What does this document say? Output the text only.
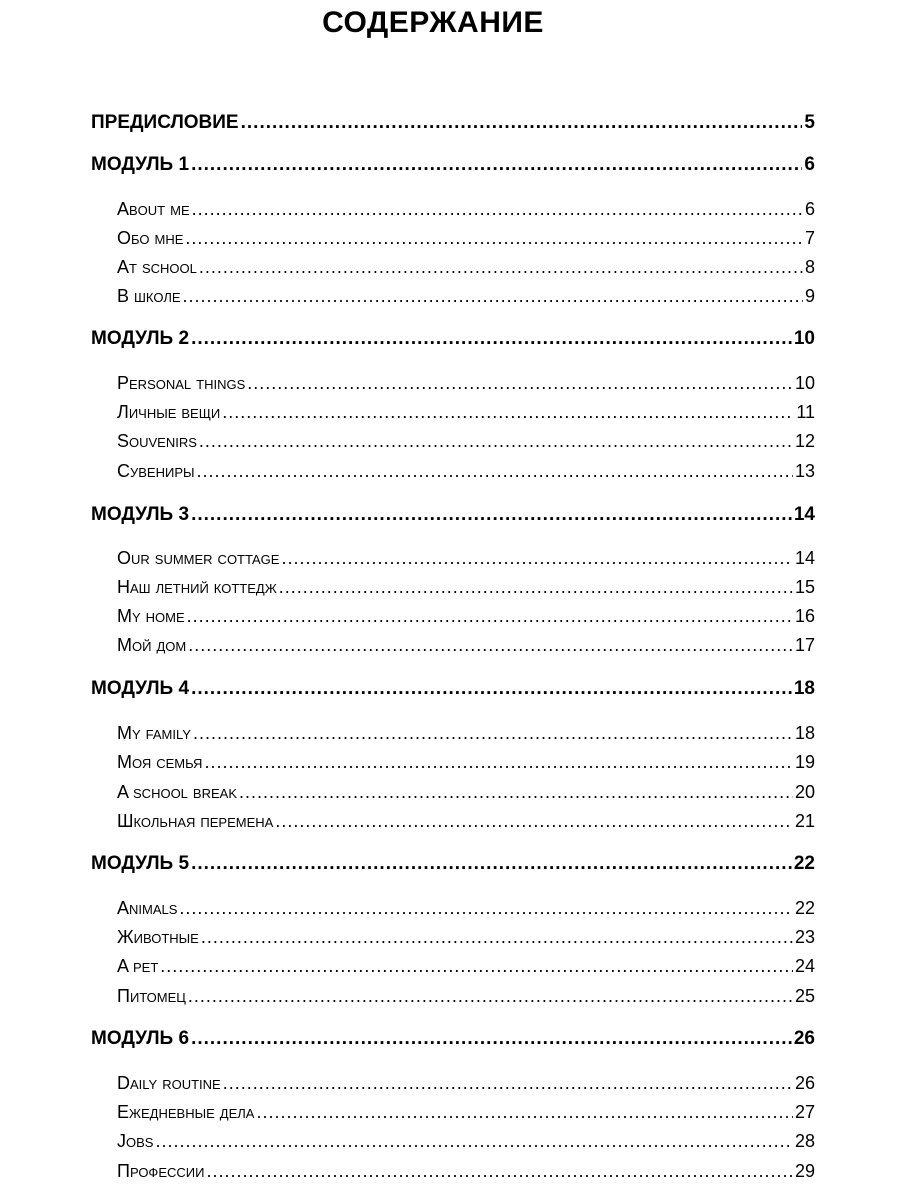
СОДЕРЖАНИЕ
ПРЕДИСЛОВИЕ .....	5
МОДУЛЬ 1 .....	6
About me .....	6
Обо мне .....	7
At school .....	8
В школе .....	9
МОДУЛЬ 2 .....	10
Personal things .....	10
Личные вещи .....	11
Souvenirs .....	12
Сувениры .....	13
МОДУЛЬ 3 .....	14
Our summer cottage .....	14
Наш летний коттедж .....	15
My home .....	16
Мой дом .....	17
МОДУЛЬ 4 .....	18
My family .....	18
Моя семья .....	19
A school break .....	20
Школьная перемена .....	21
МОДУЛЬ 5 .....	22
Animals .....	22
Животные .....	23
A pet .....	24
Питомец .....	25
МОДУЛЬ 6 .....	26
Daily routine .....	26
Ежедневные дела .....	27
Jobs .....	28
Профессии .....	29
